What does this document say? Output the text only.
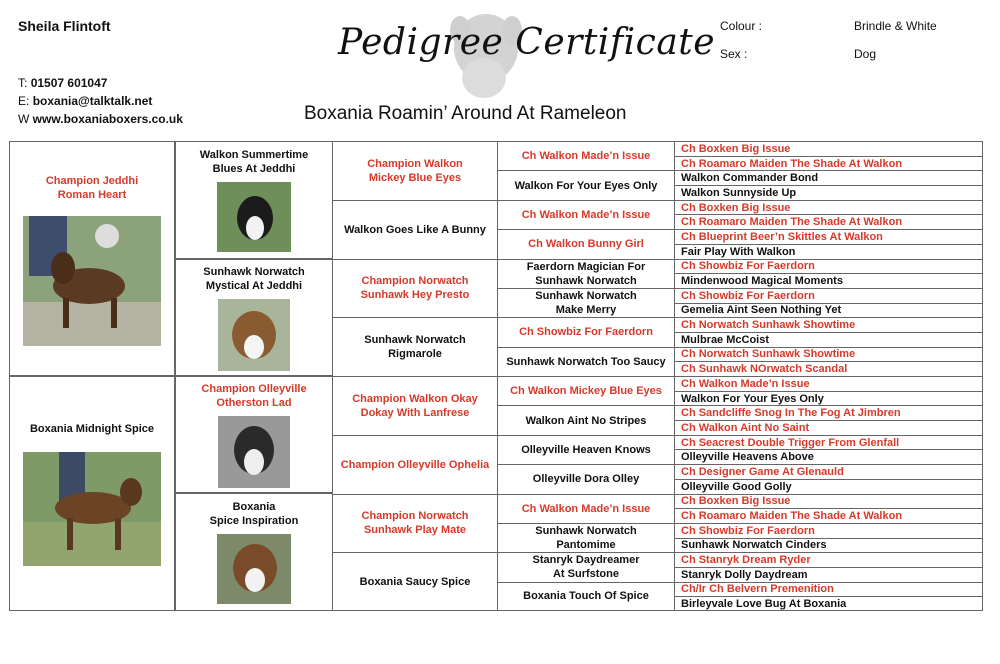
Sheila Flintoft
T: 01507 601047
E: boxania@talktalk.net
W www.boxaniaboxers.co.uk
Pedigree Certificate Colour :	Brindle & White
Sex :	Dog
Boxania Roamin’ Around At Rameleon
Champion Jeddhi
Roman Heart
Boxania Midnight Spice
Walkon Summertime
Blues At Jeddhi
Sunhawk Norwatch
Mystical At Jeddhi
Champion Olleyville
Otherston Lad
Boxania
Spice Inspiration
Champion Walkon
Mickey Blue Eyes
Walkon Goes Like A Bunny
Champion Norwatch
Sunhawk Hey Presto
Sunhawk Norwatch
Rigmarole
Champion Walkon Okay
Dokay With Lanfrese
Champion Olleyville Ophelia
Champion Norwatch
Sunhawk Play Mate
Boxania Saucy Spice
Ch Walkon Made’n Issue
Walkon For Your Eyes Only
Ch Walkon Made’n Issue
Ch Walkon Bunny Girl
Faerdorn Magician For
Sunhawk Norwatch
Sunhawk Norwatch
Make Merry
Ch Showbiz For Faerdorn
Sunhawk Norwatch Too Saucy
Ch Walkon Mickey Blue Eyes
Walkon Aint No Stripes
Olleyville Heaven Knows
Olleyville Dora Olley
Ch Walkon Made’n Issue
Sunhawk Norwatch
Pantomime
Stanryk Daydreamer
At Surfstone
Boxania Touch Of Spice
Ch Boxken Big Issue
Ch Roamaro Maiden The Shade At Walkon
Walkon Commander Bond
Walkon Sunnyside Up
Ch Boxken Big Issue
Ch Roamaro Maiden The Shade At Walkon
Ch Blueprint Beer’n Skittles At Walkon
Fair Play With Walkon
Ch Showbiz For Faerdorn
Mindenwood Magical Moments
Ch Showbiz For Faerdorn
Gemelia Aint Seen Nothing Yet
Ch Norwatch Sunhawk Showtime
Mulbrae McCoist
Ch Norwatch Sunhawk Showtime
Ch Sunhawk NOrwatch Scandal
Ch Walkon Made’n Issue
Walkon For Your Eyes Only
Ch Sandcliffe Snog In The Fog At Jimbren
Ch Walkon Aint No Saint
Ch Seacrest Double Trigger From Glenfall
Olleyville Heavens Above
Ch Designer Game At Glenauld
Olleyville Good Golly
Ch Boxken Big Issue
Ch Roamaro Maiden The Shade At Walkon
Ch Showbiz For Faerdorn
Sunhawk Norwatch Cinders
Ch Stanryk Dream Ryder
Stanryk Dolly Daydream
Ch/Ir Ch Belvern Premenition
Birleyvale Love Bug At Boxania
